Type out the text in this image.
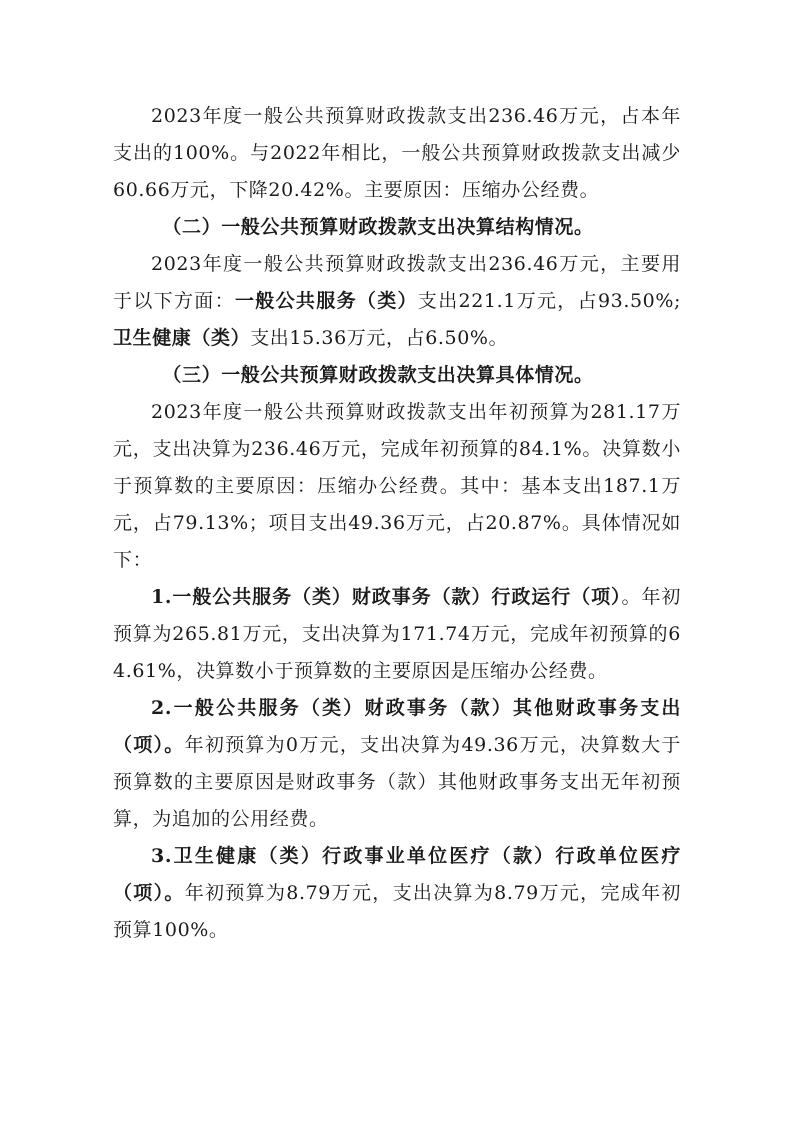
2023年度一般公共预算财政拨款支出236.46万元，占本年支出的100%。与2022年相比，一般公共预算财政拨款支出减少60.66万元，下降20.42%。主要原因：压缩办公经费。

（二）一般公共预算财政拨款支出决算结构情况。

2023年度一般公共预算财政拨款支出236.46万元，主要用于以下方面：一般公共服务（类）支出221.1万元，占93.50%;卫生健康（类）支出15.36万元，占6.50%。

（三）一般公共预算财政拨款支出决算具体情况。

2023年度一般公共预算财政拨款支出年初预算为281.17万元，支出决算为236.46万元，完成年初预算的84.1%。决算数小于预算数的主要原因：压缩办公经费。其中：基本支出187.1万元，占79.13%；项目支出49.36万元，占20.87%。具体情况如下：

1.一般公共服务（类）财政事务（款）行政运行（项）。年初预算为265.81万元，支出决算为171.74万元，完成年初预算的64.61%，决算数小于预算数的主要原因是压缩办公经费。

2.一般公共服务（类）财政事务（款）其他财政事务支出（项）。年初预算为0万元，支出决算为49.36万元，决算数大于预算数的主要原因是财政事务（款）其他财政事务支出无年初预算，为追加的公用经费。

3.卫生健康（类）行政事业单位医疗（款）行政单位医疗（项）。年初预算为8.79万元，支出决算为8.79万元，完成年初预算100%。
